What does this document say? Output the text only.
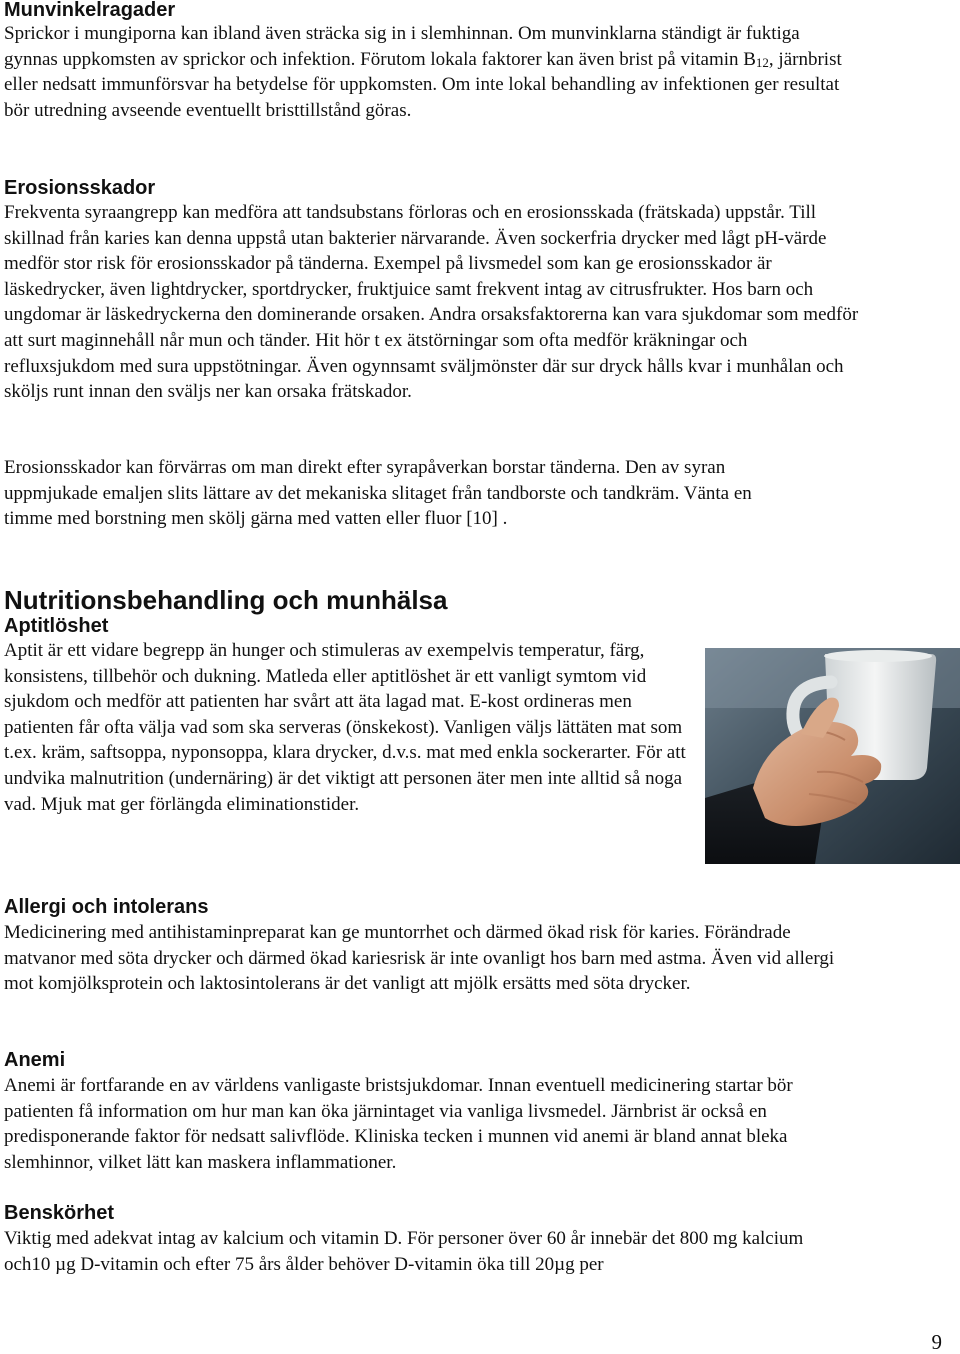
Munvinkelragader

Sprickor i mungiporna kan ibland även sträcka sig in i slemhinnan. Om munvinklarna ständigt är fuktiga gynnas uppkomsten av sprickor och infektion. Förutom lokala faktorer kan även brist på vitamin $B_{12}$, järnbrist eller nedsatt immunförsvar ha betydelse för uppkomsten. Om inte lokal behandling av infektionen ger resultat bör utredning avseende eventuellt bristtillstånd göras.

Erosionsskador

Frekventa syraangrepp kan medföra att tandsubstans förloras och en erosionsskada (frätskada) uppstår. Till skillnad från karies kan denna uppstå utan bakterier närvarande. Även sockerfria drycker med lågt pH-värde medför stor risk för erosionsskador på tänderna. Exempel på livsmedel som kan ge erosionsskador är läskedrycker, även lightdrycker, sportdrycker, fruktjuice samt frekvent intag av citrusfrukter. Hos barn och ungdomar är läskedryckerna den dominerande orsaken. Andra orsaksfaktorerna kan vara sjukdomar som medför att surt maginnehåll når mun och tänder. Hit hör t ex ätstörningar som ofta medför kräkningar och refluxsjukdom med sura uppstötningar. Även ogynnsamt sväljmönster där sur dryck hålls kvar i munhålan och sköljs runt innan den sväljs ner kan orsaka frätskador.

Erosionsskador kan förvärras om man direkt efter syrapåverkan borstar tänderna. Den av syran uppmjukade emaljen slits lättare av det mekaniska slitaget från tandborste och tandkräm. Vänta en timme med borstning men skölj gärna med vatten eller fluor [10] .

Nutritionsbehandling och munhälsa
Aptitlöshet

Aptit är ett vidare begrepp än hunger och stimuleras av exempelvis temperatur, färg, konsistens, tillbehör och dukning. Matleda eller aptitlöshet är ett vanligt symtom vid sjukdom och medför att patienten har svårt att äta lagad mat. E-kost ordineras men patienten får ofta välja vad som ska serveras (önskekost). Vanligen väljs lättäten mat som t.ex. kräm, saftsoppa, nyponsoppa, klara drycker, d.v.s. mat med enkla sockerarter. För att undvika malnutrition (undernäring) är det viktigt att personen äter men inte alltid så noga vad. Mjuk mat ger förlängda eliminationstider.

Allergi och intolerans

Medicinering med antihistaminpreparat kan ge muntorrhet och därmed ökad risk för karies. Förändrade matvanor med söta drycker och därmed ökad kariesrisk är inte ovanligt hos barn med astma. Även vid allergi mot komjölksprotein och laktosintolerans är det vanligt att mjölk ersätts med söta drycker.

Anemi

Anemi är fortfarande en av världens vanligaste bristsjukdomar. Innan eventuell medicinering startar bör patienten få information om hur man kan öka järnintaget via vanliga livsmedel. Järnbrist är också en predisponerande faktor för nedsatt salivflöde. Kliniska tecken i munnen vid anemi är bland annat bleka slemhinnor, vilket lätt kan maskera inflammationer.

Benskörhet

Viktig med adekvat intag av kalcium och vitamin D. För personer över 60 år innebär det 800 mg kalcium och10 µg D-vitamin och efter 75 års ålder behöver D-vitamin öka till 20µg per

9
